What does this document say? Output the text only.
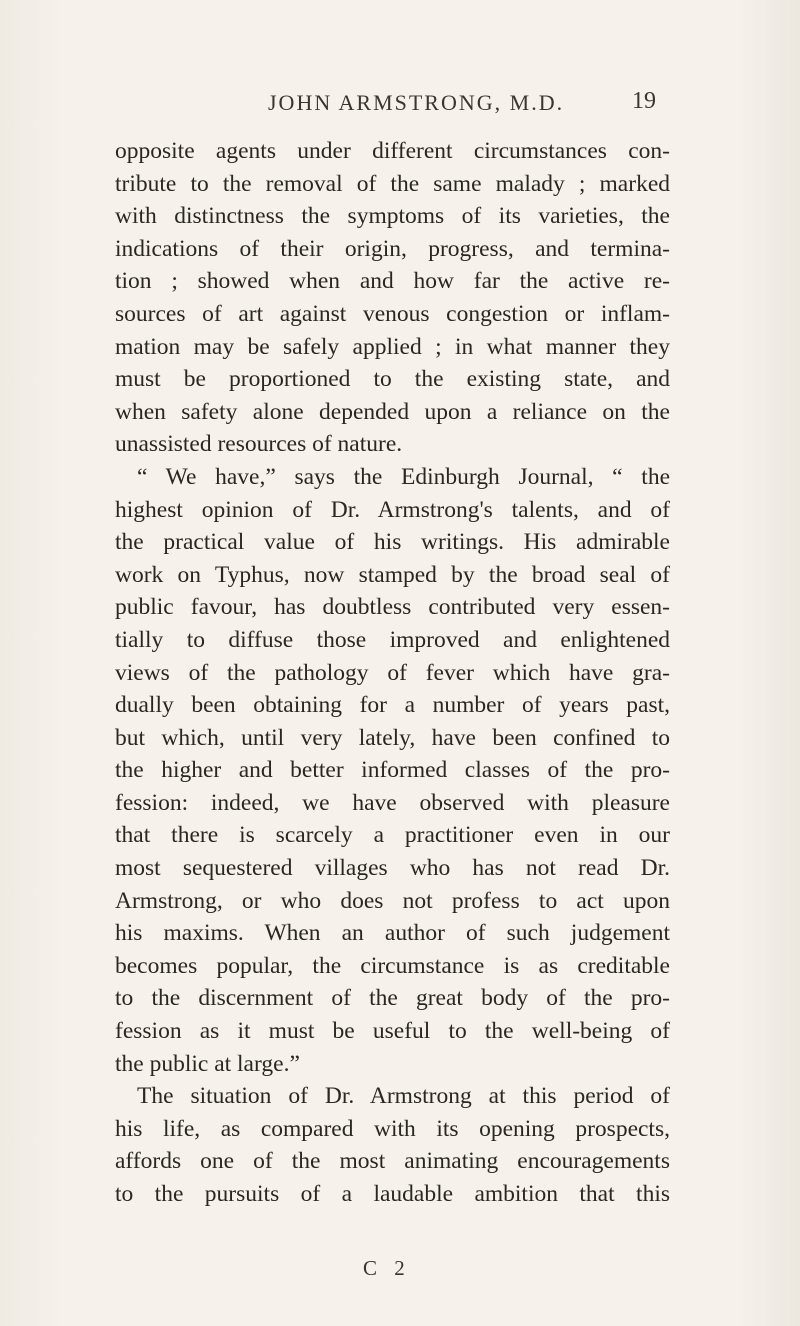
JOHN ARMSTRONG, M.D.	19
opposite agents under different circumstances con-
tribute to the removal of the same malady ; marked
with distinctness the symptoms of its varieties, the
indications of their origin, progress, and termina-
tion ; showed when and how far the active re-
sources of art against venous congestion or inflam-
mation may be safely applied ; in what manner they
must be proportioned to the existing state, and
when safety alone depended upon a reliance on the
unassisted resources of nature.
“ We have,” says the Edinburgh Journal, “ the
highest opinion of Dr. Armstrong's talents, and of
the practical value of his writings. His admirable
work on Typhus, now stamped by the broad seal of
public favour, has doubtless contributed very essen-
tially to diffuse those improved and enlightened
views of the pathology of fever which have gra-
dually been obtaining for a number of years past,
but which, until very lately, have been confined to
the higher and better informed classes of the pro-
fession: indeed, we have observed with pleasure
that there is scarcely a practitioner even in our
most sequestered villages who has not read Dr.
Armstrong, or who does not profess to act upon
his maxims. When an author of such judgement
becomes popular, the circumstance is as creditable
to the discernment of the great body of the pro-
fession as it must be useful to the well-being of
the public at large.”
The situation of Dr. Armstrong at this period of
his life, as compared with its opening prospects,
affords one of the most animating encouragements
to the pursuits of a laudable ambition that this
C 2
